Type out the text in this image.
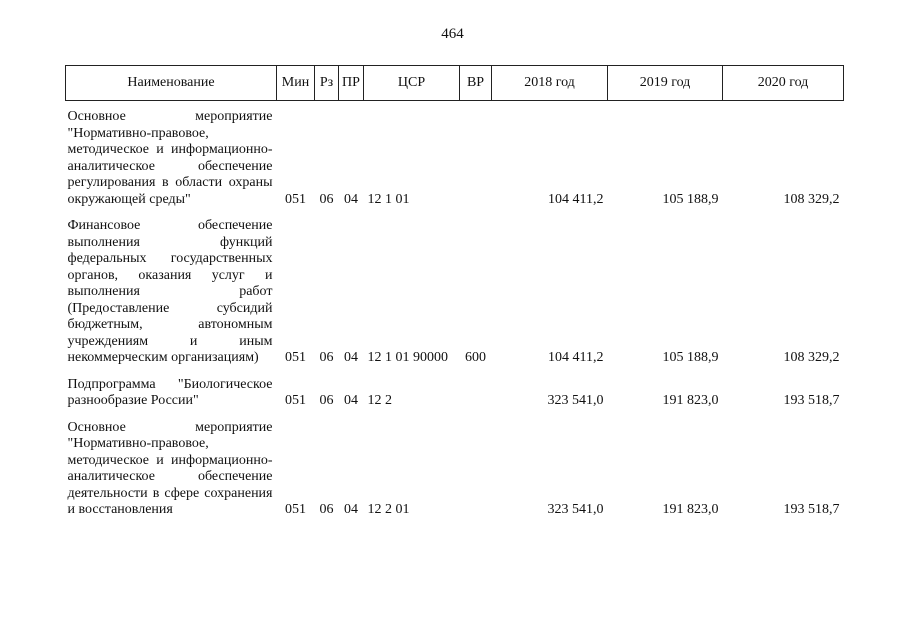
464
Наименование	Мин	Рз	ПР	ЦСР	ВР	2018 год	2019 год	2020 год
Основное мероприятие "Нормативно-правовое, методическое и информационно-аналитическое обеспечение регулирования в области охраны окружающей среды"	051	06	04	12 1 01		104 411,2	105 188,9	108 329,2

Финансовое обеспечение выполнения функций федеральных государственных органов, оказания услуг и выполнения работ (Предоставление субсидий бюджетным, автономным учреждениям и иным некоммерческим организациям)	051	06	04	12 1 01 90000	600	104 411,2	105 188,9	108 329,2

Подпрограмма "Биологическое разнообразие России"	051	06	04	12 2		323 541,0	191 823,0	193 518,7

Основное мероприятие "Нормативно-правовое, методическое и информационно-аналитическое обеспечение деятельности в сфере сохранения и восстановления	051	06	04	12 2 01		323 541,0	191 823,0	193 518,7
